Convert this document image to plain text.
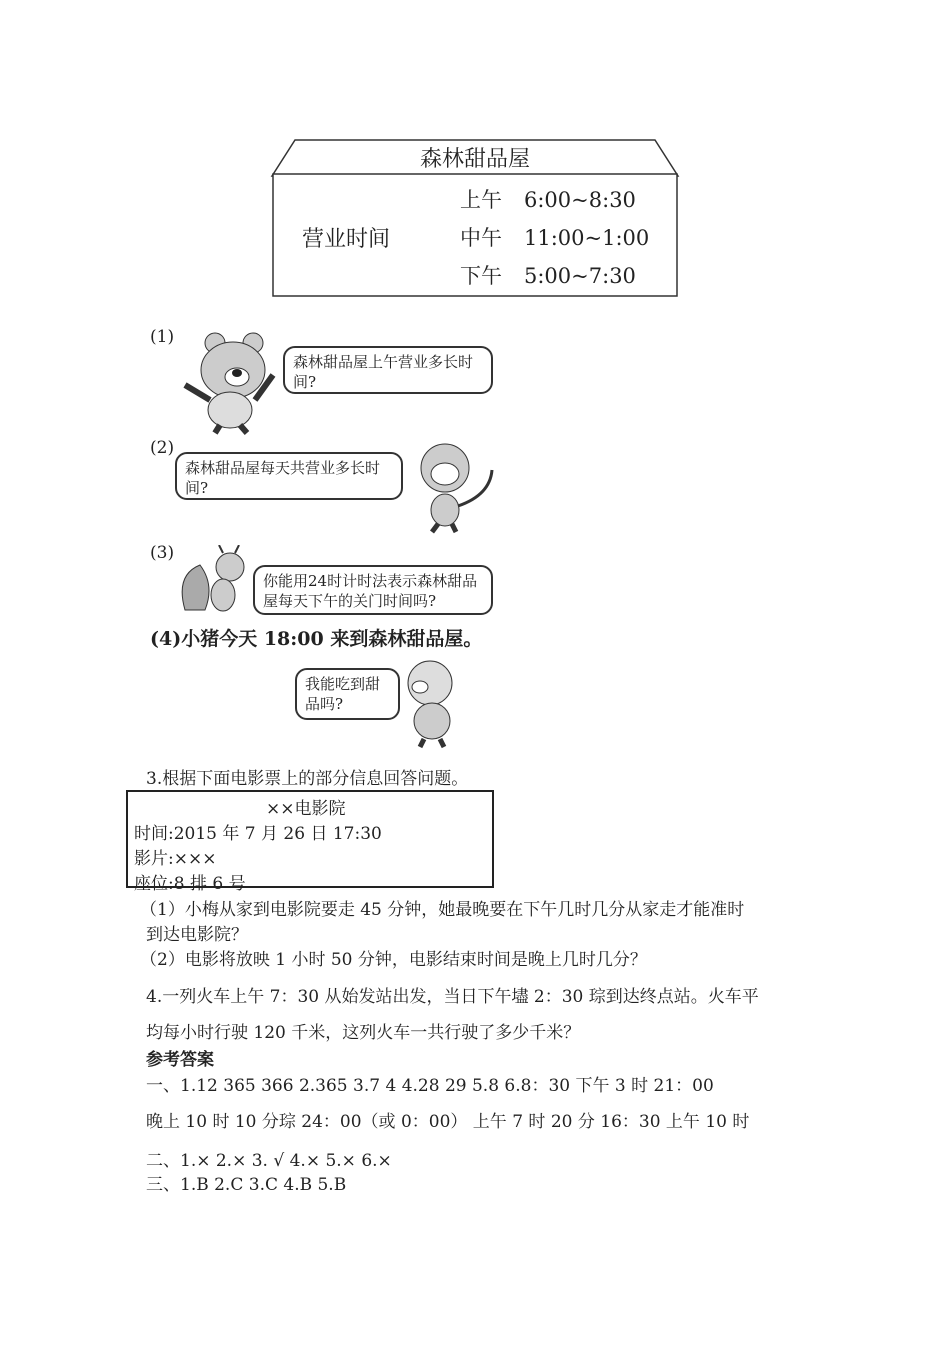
森林甜品屋
营业时间
上午 6:00~8:30
中午 11:00~1:00
下午 5:00~7:30
(1)
森林甜品屋上午营业多长时间?
(2)
森林甜品屋每天共营业多长时间?
(3)
你能用24时计时法表示森林甜品屋每天下午的关门时间吗?
(4)小猪今天 18:00 来到森林甜品屋。
我能吃到甜品吗?
3.根据下面电影票上的部分信息回答问题。
××电影院
时间:2015 年 7 月 26 日 17:30
影片:×××
座位:8 排 6 号
（1）小梅从家到电影院要走 45 分钟，她最晚要在下午几时几分从家走才能准时
到达电影院？
（2）电影将放映 1 小时 50 分钟，电影结束时间是晚上几时几分？
4.一列火车上午 7：30 从始发站出发，当日下午壗 2：30 琮到达终点站。火车平
均每小时行驶 120 千米，这列火车一共行驶了多少千米？
参考答案
一、1.12 365 366 2.365 3.7 4 4.28 29 5.8 6.8：30 下午 3 时 21：00
晚上 10 时 10 分琮 24：00（或 0：00） 上午 7 时 20 分 16：30 上午 10 时
二、1.× 2.× 3. √ 4.× 5.× 6.×
三、1.B 2.C 3.C 4.B 5.B
